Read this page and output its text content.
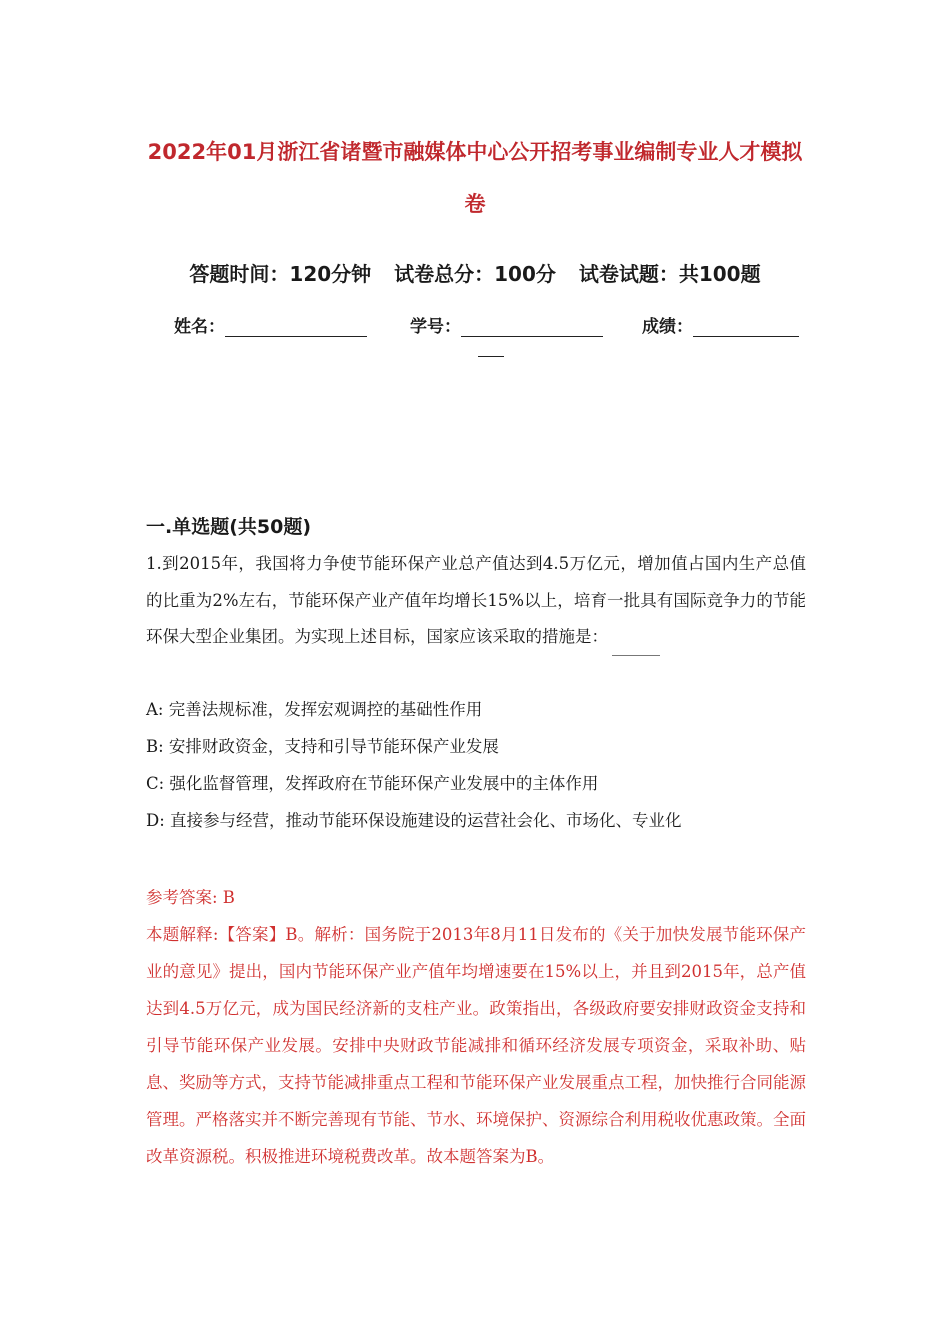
2022年01月浙江省诸暨市融媒体中心公开招考事业编制专业人才模拟卷
答题时间：120分钟 试卷总分：100分 试卷试题：共100题
姓名：	学号：	成绩：
一.单选题(共50题)
1.到2015年，我国将力争使节能环保产业总产值达到4.5万亿元，增加值占国内生产总值的比重为2%左右，节能环保产业产值年均增长15%以上，培育一批具有国际竞争力的节能环保大型企业集团。为实现上述目标，国家应该采取的措施是：
A: 完善法规标准，发挥宏观调控的基础性作用
B: 安排财政资金，支持和引导节能环保产业发展
C: 强化监督管理，发挥政府在节能环保产业发展中的主体作用
D: 直接参与经营，推动节能环保设施建设的运营社会化、市场化、专业化
参考答案: B
本题解释:【答案】B。解析：国务院于2013年8月11日发布的《关于加快发展节能环保产业的意见》提出，国内节能环保产业产值年均增速要在15%以上，并且到2015年，总产值达到4.5万亿元，成为国民经济新的支柱产业。政策指出，各级政府要安排财政资金支持和引导节能环保产业发展。安排中央财政节能减排和循环经济发展专项资金，采取补助、贴息、奖励等方式，支持节能减排重点工程和节能环保产业发展重点工程，加快推行合同能源管理。严格落实并不断完善现有节能、节水、环境保护、资源综合利用税收优惠政策。全面改革资源税。积极推进环境税费改革。故本题答案为B。
